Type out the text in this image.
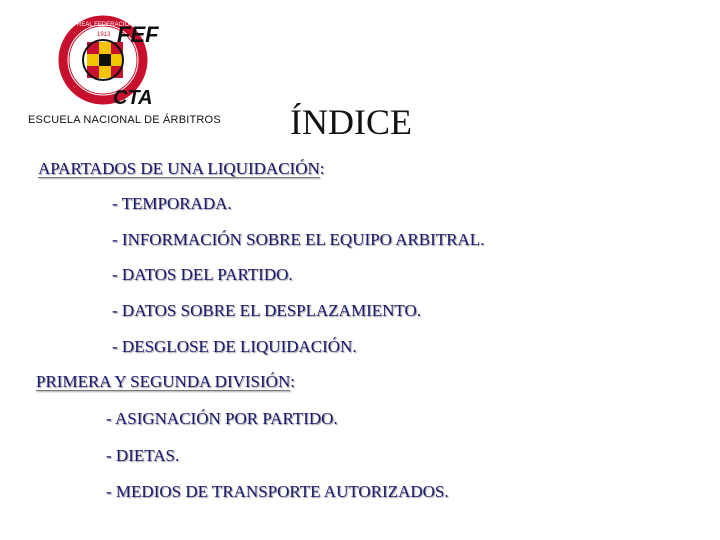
FEF
CTA
REAL FEDERACIÓN ESPAÑOLA
1913
ESCUELA NACIONAL DE ÁRBITROS ÍNDICE
APARTADOS DE UNA LIQUIDACIÓN:
- TEMPORADA.
- INFORMACIÓN SOBRE EL EQUIPO ARBITRAL.
- DATOS DEL PARTIDO.
- DATOS SOBRE EL DESPLAZAMIENTO.
- DESGLOSE DE LIQUIDACIÓN.
PRIMERA Y SEGUNDA DIVISIÓN:
- ASIGNACIÓN POR PARTIDO.
- DIETAS.
- MEDIOS DE TRANSPORTE AUTORIZADOS.
